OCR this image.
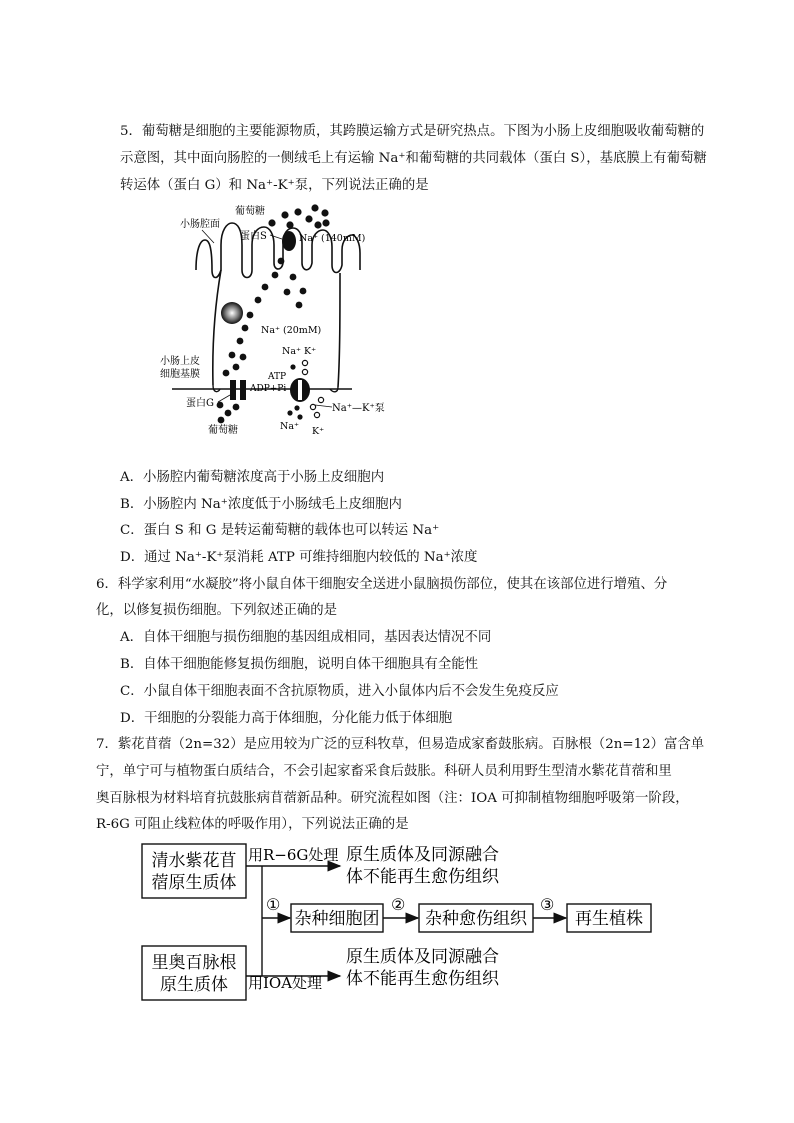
5．葡萄糖是细胞的主要能源物质，其跨膜运输方式是研究热点。下图为小肠上皮细胞吸收葡萄糖的
示意图，其中面向肠腔的一侧绒毛上有运输 Na⁺和葡萄糖的共同载体（蛋白 S），基底膜上有葡萄糖
转运体（蛋白 G）和 Na⁺-K⁺泵，下列说法正确的是
葡萄糖
小肠腔面
蛋白S	Na⁺ (140mM)
Na⁺ (20mM)
Na⁺ K⁺
小肠上皮
细胞基膜	ATP
ADP+Pi
蛋白G
葡萄糖
Na⁺—K⁺泵
Na⁺ K⁺
A．小肠腔内葡萄糖浓度高于小肠上皮细胞内
B．小肠腔内 Na⁺浓度低于小肠绒毛上皮细胞内
C．蛋白 S 和 G 是转运葡萄糖的载体也可以转运 Na⁺
D．通过 Na⁺-K⁺泵消耗 ATP 可维持细胞内较低的 Na⁺浓度
6．科学家利用“水凝胶”将小鼠自体干细胞安全送进小鼠脑损伤部位，使其在该部位进行增殖、分
化，以修复损伤细胞。下列叙述正确的是
A．自体干细胞与损伤细胞的基因组成相同，基因表达情况不同
B．自体干细胞能修复损伤细胞，说明自体干细胞具有全能性
C．小鼠自体干细胞表面不含抗原物质，进入小鼠体内后不会发生免疫反应
D．干细胞的分裂能力高于体细胞，分化能力低于体细胞
7．紫花苜蓿（2n=32）是应用较为广泛的豆科牧草，但易造成家畜鼓胀病。百脉根（2n=12）富含单
宁，单宁可与植物蛋白质结合，不会引起家畜采食后鼓胀。科研人员利用野生型清水紫花苜蓿和里
奥百脉根为材料培育抗鼓胀病苜蓿新品种。研究流程如图（注：IOA 可抑制植物细胞呼吸第一阶段，
R-6G 可阻止线粒体的呼吸作用），下列说法正确的是
清水紫花苜
蓿原生质体
里奥百脉根
原生质体
用R−6G处理 原生质体及同源融合
体不能再生愈伤组织
用IOA处理
原生质体及同源融合
体不能再生愈伤组织
①
杂种细胞团
②
杂种愈伤组织
③
再生植株
